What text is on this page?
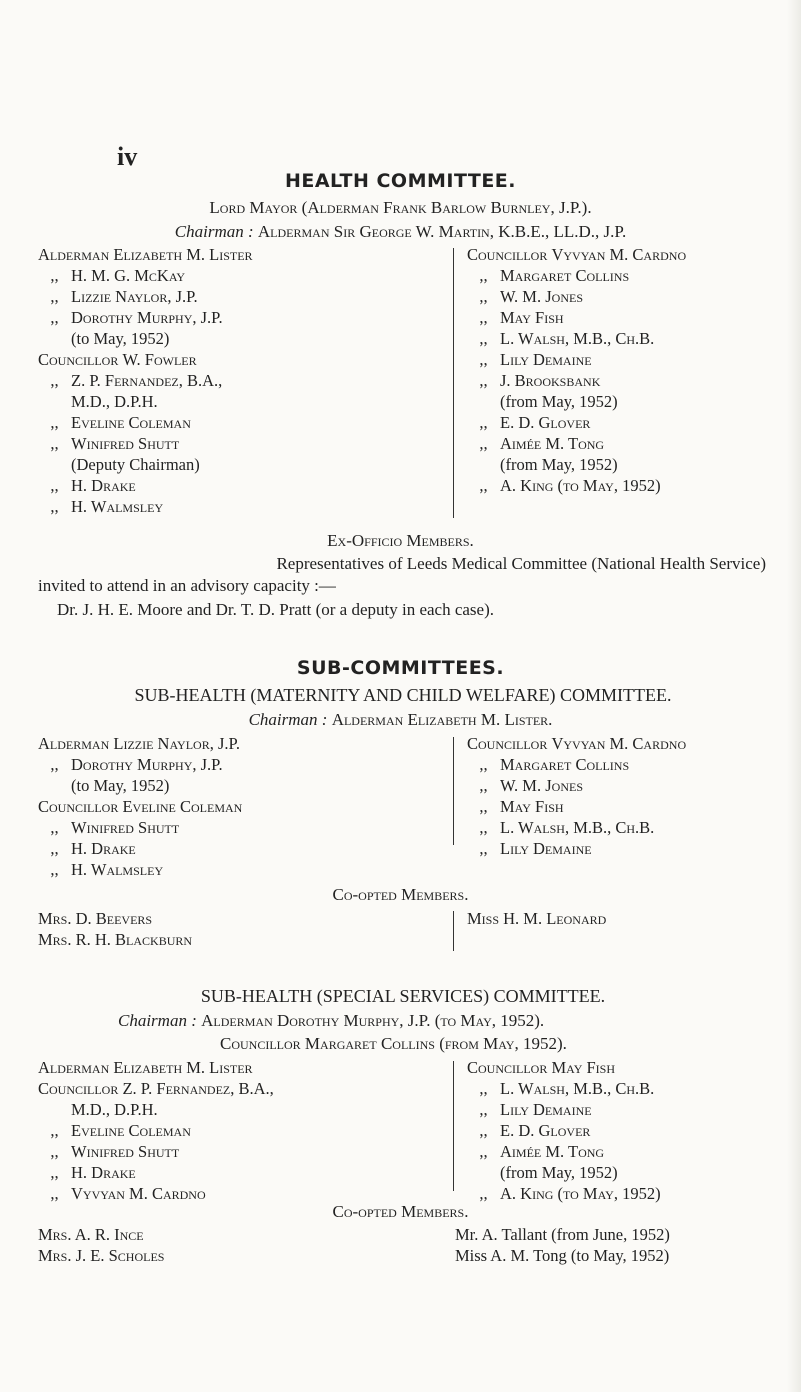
iv
HEALTH COMMITTEE.
Lord Mayor (Alderman Frank Barlow Burnley, J.P.).
Chairman : Alderman Sir George W. Martin, K.B.E., LL.D., J.P.
Alderman
Elizabeth M. Lister
,, H. M. G. McKay
,, Lizzie Naylor, J.P.
,, Dorothy Murphy, J.P.
(to May, 1952)
Councillor
W. Fowler
,, Z. P. Fernandez, B.A.,
M.D., D.P.H.
,, Eveline Coleman
,, Winifred Shutt
(Deputy Chairman)
,, H. Drake
,, H. Walmsley
Councillor
Vyvyan M. Cardno
,, Margaret Collins
,, W. M. Jones
,, May Fish
,, L. Walsh, M.B., Ch.B.
,, Lily Demaine
,, J. Brooksbank
(from May, 1952)
,, E. D. Glover
,, Aimée M. Tong
(from May, 1952)
,, A. King (to May, 1952)
Ex-Officio Members.
Representatives of Leeds Medical Committee (National Health Service)
invited to attend in an advisory capacity :—
Dr. J. H. E. Moore and Dr. T. D. Pratt (or a deputy in each case).
SUB-COMMITTEES.
SUB-HEALTH (MATERNITY AND CHILD WELFARE) COMMITTEE.
Chairman : Alderman Elizabeth M. Lister.
Alderman
Lizzie Naylor, J.P.
,, Dorothy Murphy, J.P.
(to May, 1952)
Councillor
Eveline Coleman
,, Winifred Shutt
,, H. Drake
,, H. Walmsley
Councillor
Vyvyan M. Cardno
,, Margaret Collins
,, W. M. Jones
,, May Fish
,, L. Walsh, M.B., Ch.B.
,, Lily Demaine
Co-opted Members.
Mrs. D. Beevers
Mrs. R. H. Blackburn
Miss H. M. Leonard
SUB-HEALTH (SPECIAL SERVICES) COMMITTEE.
Chairman : Alderman Dorothy Murphy, J.P. (to May, 1952).
Councillor Margaret Collins (from May, 1952).
Alderman
Elizabeth M. Lister
Councillor
Z. P. Fernandez, B.A.,
M.D., D.P.H.
,, Eveline Coleman
,, Winifred Shutt
,, H. Drake
,, Vyvyan M. Cardno
Councillor
May Fish
,, L. Walsh, M.B., Ch.B.
,, Lily Demaine
,, E. D. Glover
,, Aimée M. Tong
(from May, 1952)
,, A. King (to May, 1952)
Co-opted Members.
Mrs. A. R. Ince
Mrs. J. E. Scholes
Mr. A. Tallant (from June, 1952)
Miss A. M. Tong (to May, 1952)
